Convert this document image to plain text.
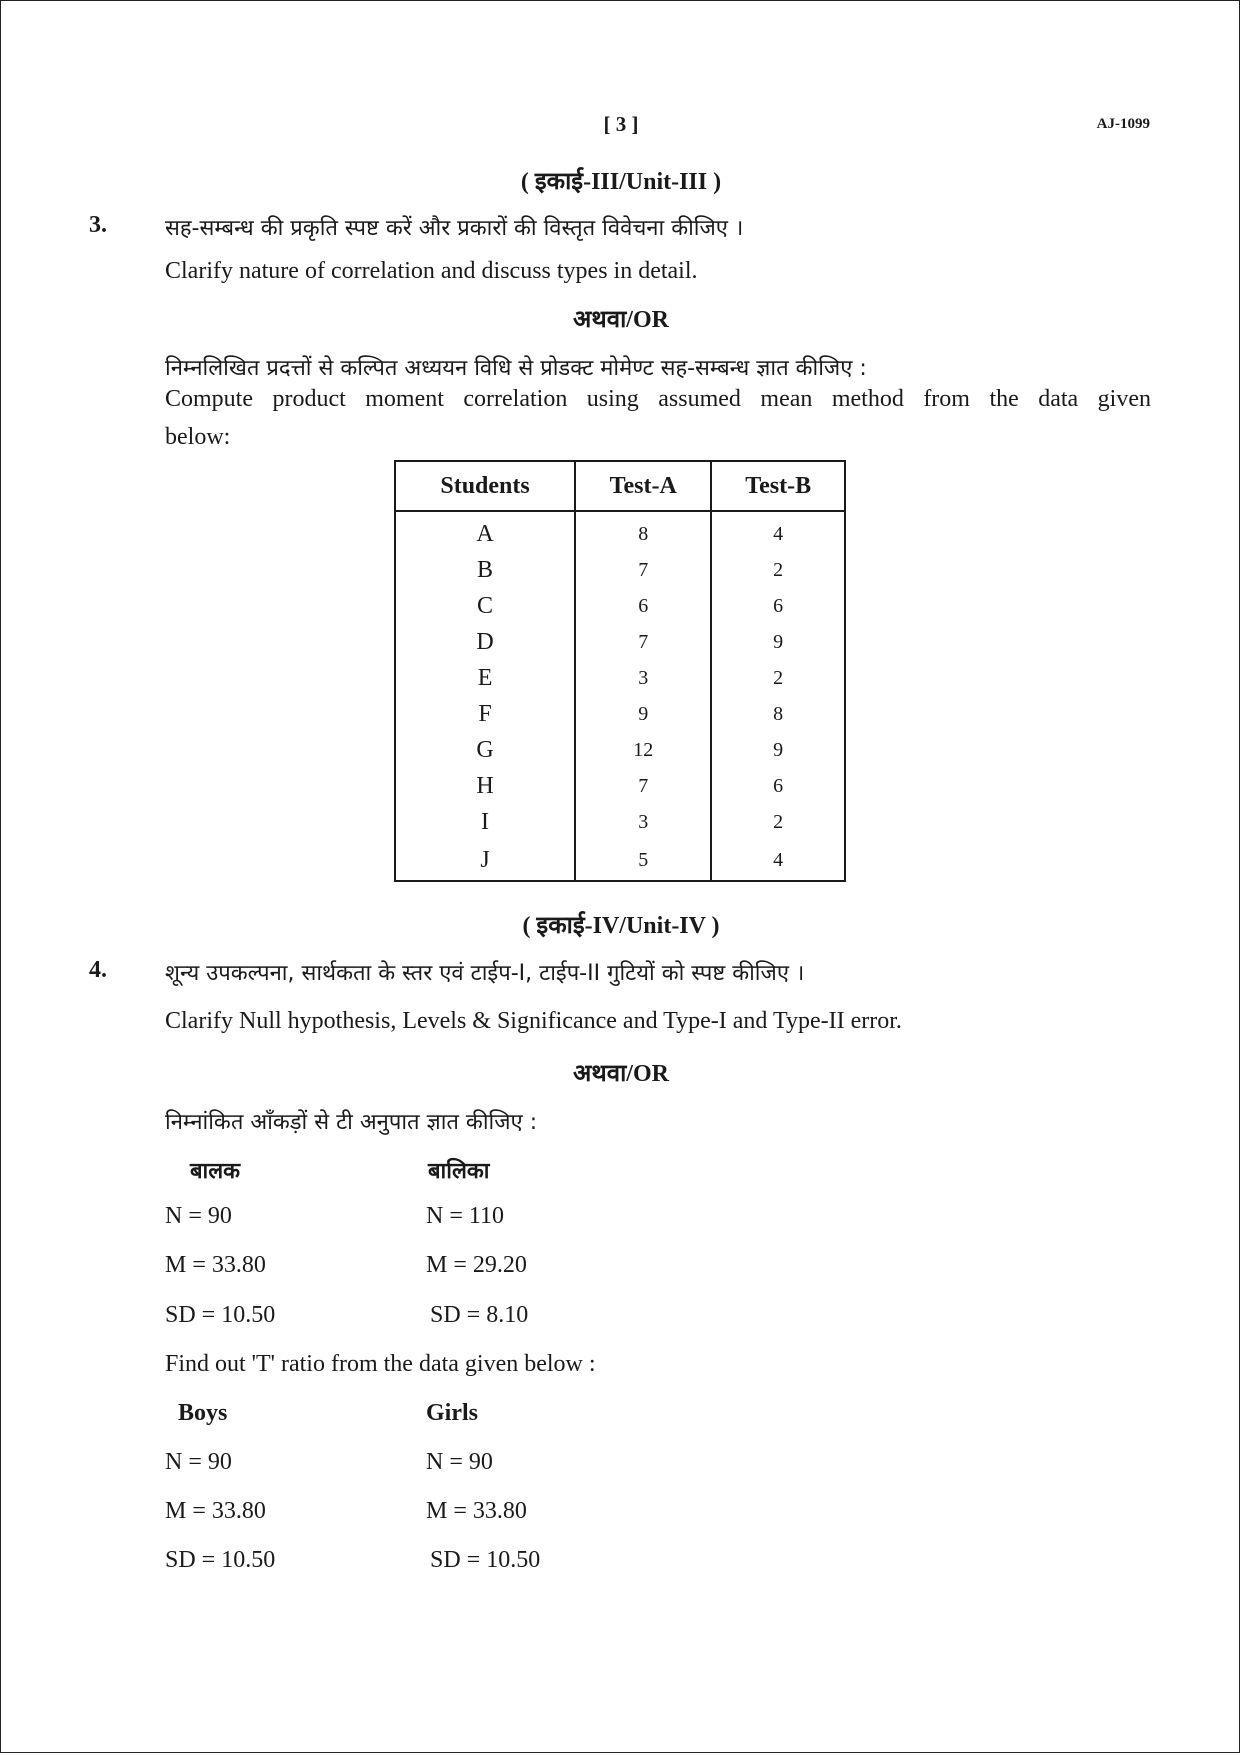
[ 3 ]	AJ-1099
( इकाई-III/Unit-III )
3.	सह-सम्बन्ध की प्रकृति स्पष्ट करें और प्रकारों की विस्तृत विवेचना कीजिए ।
Clarify nature of correlation and discuss types in detail.
अथवा/OR
निम्नलिखित प्रदत्तों से कल्पित अध्ययन विधि से प्रोडक्ट मोमेण्ट सह-सम्बन्ध ज्ञात कीजिए :
Compute product moment correlation using assumed mean method from the data given
below:
Students	Test-A	Test-B
A	8	4
B	7	2
C	6	6
D	7	9
E	3	2
F	9	8
G	12	9
H	7	6
I	3	2
J	5	4
( इकाई-IV/Unit-IV )
4.	शून्य उपकल्पना, सार्थकता के स्तर एवं टाईप-I, टाईप-II गुटियों को स्पष्ट कीजिए ।
Clarify Null hypothesis, Levels & Significance and Type-I and Type-II error.
अथवा/OR
निम्नांकित आँकड़ों से टी अनुपात ज्ञात कीजिए :
बालक	बालिका
N = 90	N = 110
M = 33.80	M = 29.20
SD = 10.50	SD = 8.10
Find out 'T' ratio from the data given below :
Boys	Girls
N = 90	N = 90
M = 33.80	M = 33.80
SD = 10.50	SD = 10.50
